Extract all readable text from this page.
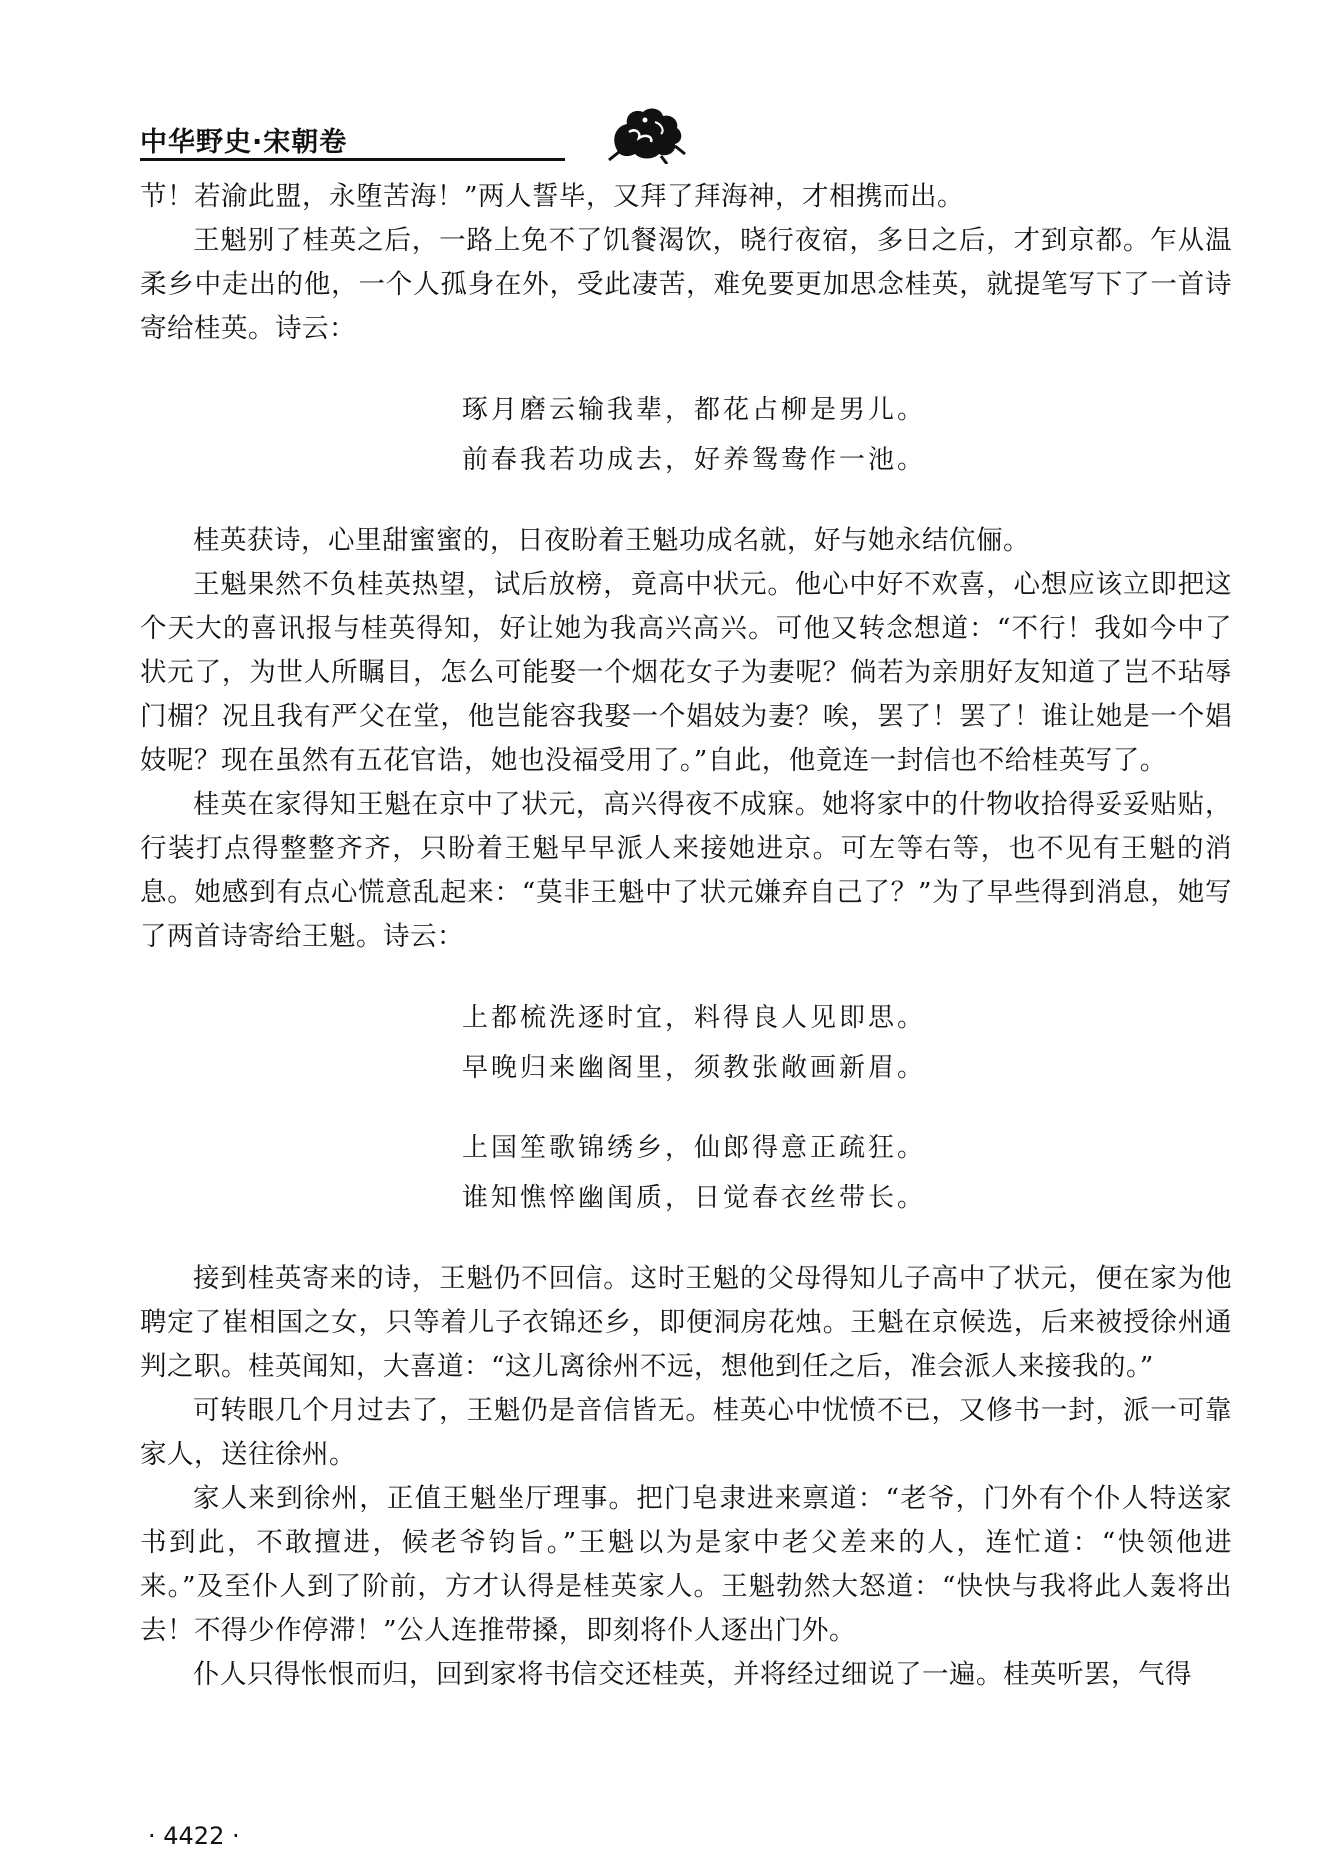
中华野史·宋朝卷

节！若渝此盟，永堕苦海！”两人誓毕，又拜了拜海神，才相携而出。

王魁别了桂英之后，一路上免不了饥餐渴饮，晓行夜宿，多日之后，才到京都。乍从温柔乡中走出的他，一个人孤身在外，受此凄苦，难免要更加思念桂英，就提笔写下了一首诗寄给桂英。诗云：

琢月磨云输我辈，都花占柳是男儿。

前春我若功成去，好养鸳鸯作一池。

桂英获诗，心里甜蜜蜜的，日夜盼着王魁功成名就，好与她永结伉俪。

王魁果然不负桂英热望，试后放榜，竟高中状元。他心中好不欢喜，心想应该立即把这个天大的喜讯报与桂英得知，好让她为我高兴高兴。可他又转念想道：“不行！我如今中了状元了，为世人所瞩目，怎么可能娶一个烟花女子为妻呢？倘若为亲朋好友知道了岂不玷辱门楣？况且我有严父在堂，他岂能容我娶一个娼妓为妻？唉，罢了！罢了！谁让她是一个娼妓呢？现在虽然有五花官诰，她也没福受用了。”自此，他竟连一封信也不给桂英写了。

桂英在家得知王魁在京中了状元，高兴得夜不成寐。她将家中的什物收拾得妥妥贴贴，行装打点得整整齐齐，只盼着王魁早早派人来接她进京。可左等右等，也不见有王魁的消息。她感到有点心慌意乱起来：“莫非王魁中了状元嫌弃自己了？”为了早些得到消息，她写了两首诗寄给王魁。诗云：

上都梳洗逐时宜，料得良人见即思。

早晚归来幽阁里，须教张敞画新眉。

上国笙歌锦绣乡，仙郎得意正疏狂。

谁知憔悴幽闺质，日觉春衣丝带长。

接到桂英寄来的诗，王魁仍不回信。这时王魁的父母得知儿子高中了状元，便在家为他聘定了崔相国之女，只等着儿子衣锦还乡，即便洞房花烛。王魁在京候选，后来被授徐州通判之职。桂英闻知，大喜道：“这儿离徐州不远，想他到任之后，准会派人来接我的。”

可转眼几个月过去了，王魁仍是音信皆无。桂英心中忧愤不已，又修书一封，派一可靠家人，送往徐州。

家人来到徐州，正值王魁坐厅理事。把门皂隶进来禀道：“老爷，门外有个仆人特送家书到此，不敢擅进，候老爷钧旨。”王魁以为是家中老父差来的人，连忙道：“快领他进来。”及至仆人到了阶前，方才认得是桂英家人。王魁勃然大怒道：“快快与我将此人轰将出去！不得少作停滞！”公人连推带搡，即刻将仆人逐出门外。

仆人只得怅恨而归，回到家将书信交还桂英，并将经过细说了一遍。桂英听罢，气得

· 4422 ·
